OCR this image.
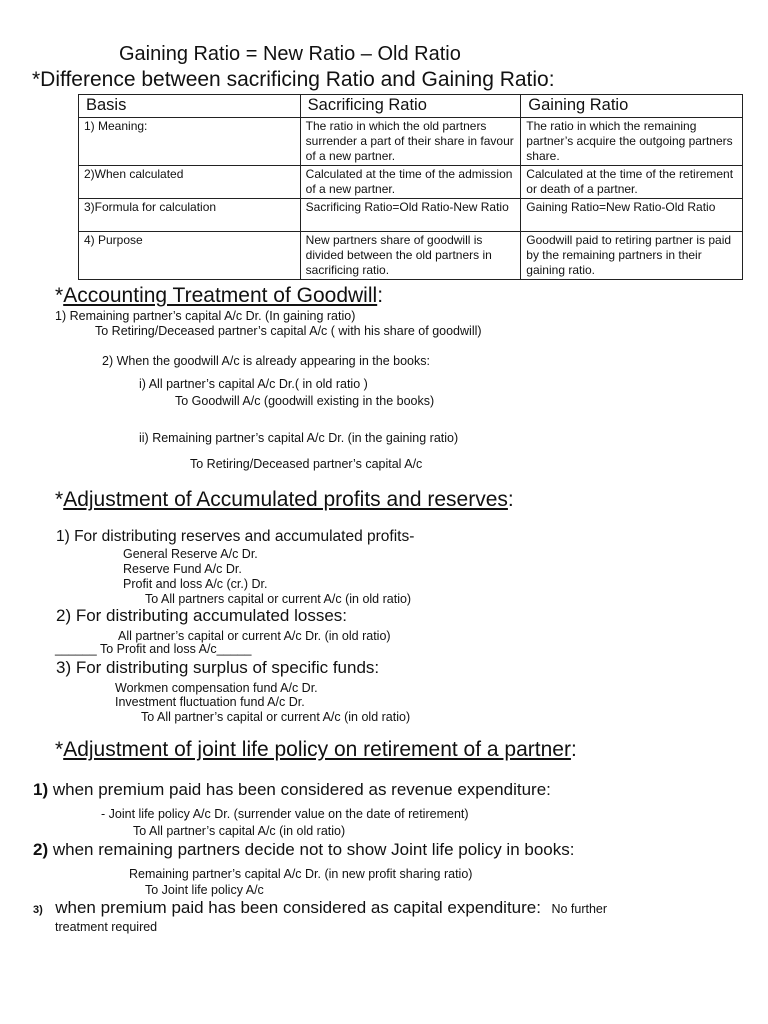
Gaining Ratio = New Ratio – Old Ratio
*Difference between sacrificing Ratio and Gaining Ratio:
Basis	Sacrificing Ratio	Gaining Ratio
1) Meaning:	The ratio in which the old partners surrender a part of their share in favour of a new partner.	The ratio in which the remaining partner’s acquire the outgoing partners share.
2)When calculated	Calculated at the time of the admission of a new partner.	Calculated at the time of the retirement or death of a partner.
3)Formula for calculation	Sacrificing Ratio=Old Ratio-New Ratio	Gaining Ratio=New Ratio-Old Ratio
4) Purpose	New partners share of goodwill is divided between the old partners in sacrificing ratio.	Goodwill paid to retiring partner is paid by the remaining partners in their gaining ratio.
*Accounting Treatment of Goodwill:
1) Remaining partner’s capital A/c Dr. (In gaining ratio)
To Retiring/Deceased partner’s capital A/c ( with his share of goodwill)
2) When the goodwill A/c is already appearing in the books:
i) All partner’s capital A/c Dr.( in old ratio )
To Goodwill A/c (goodwill existing in the books)
ii) Remaining partner’s capital A/c Dr. (in the gaining ratio)
To Retiring/Deceased partner’s capital A/c
*Adjustment of Accumulated profits and reserves:
1) For distributing reserves and accumulated profits-
General Reserve A/c Dr.
Reserve Fund A/c Dr.
Profit and loss A/c (cr.) Dr.
To All partners capital or current A/c (in old ratio)
2) For distributing accumulated losses:
All partner’s capital or current A/c Dr. (in old ratio)
______ To Profit and loss A/c_____
3) For distributing surplus of specific funds:
Workmen compensation fund A/c Dr.
Investment fluctuation fund A/c Dr.
To All partner’s capital or current A/c (in old ratio)
*Adjustment of joint life policy on retirement of a partner:
1) when premium paid has been considered as revenue expenditure:
- Joint life policy A/c Dr. (surrender value on the date of retirement)
To All partner’s capital A/c (in old ratio)
2) when remaining partners decide not to show Joint life policy in books:
Remaining partner’s capital A/c Dr. (in new profit sharing ratio)
To Joint life policy A/c
3) when premium paid has been considered as capital expenditure: No further
treatment required
